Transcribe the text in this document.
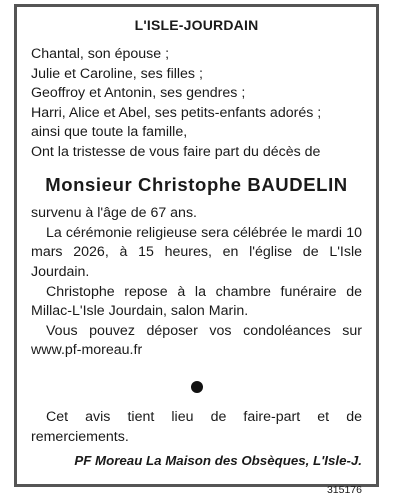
L'ISLE-JOURDAIN
Chantal, son épouse ;
Julie et Caroline, ses filles ;
Geoffroy et Antonin, ses gendres ;
Harri, Alice et Abel, ses petits-enfants adorés ;
ainsi que toute la famille,
Ont la tristesse de vous faire part du décès de
Monsieur Christophe BAUDELIN
survenu à l'âge de 67 ans.
La cérémonie religieuse sera célébrée le mardi 10 mars 2026, à 15 heures, en l'église de L'Isle Jourdain.
Christophe repose à la chambre funéraire de Millac-L'Isle Jourdain, salon Marin.
Vous pouvez déposer vos condoléances sur www.pf-moreau.fr
Cet avis tient lieu de faire-part et de remerciements.
PF Moreau La Maison des Obsèques, L'Isle-J.
315176
